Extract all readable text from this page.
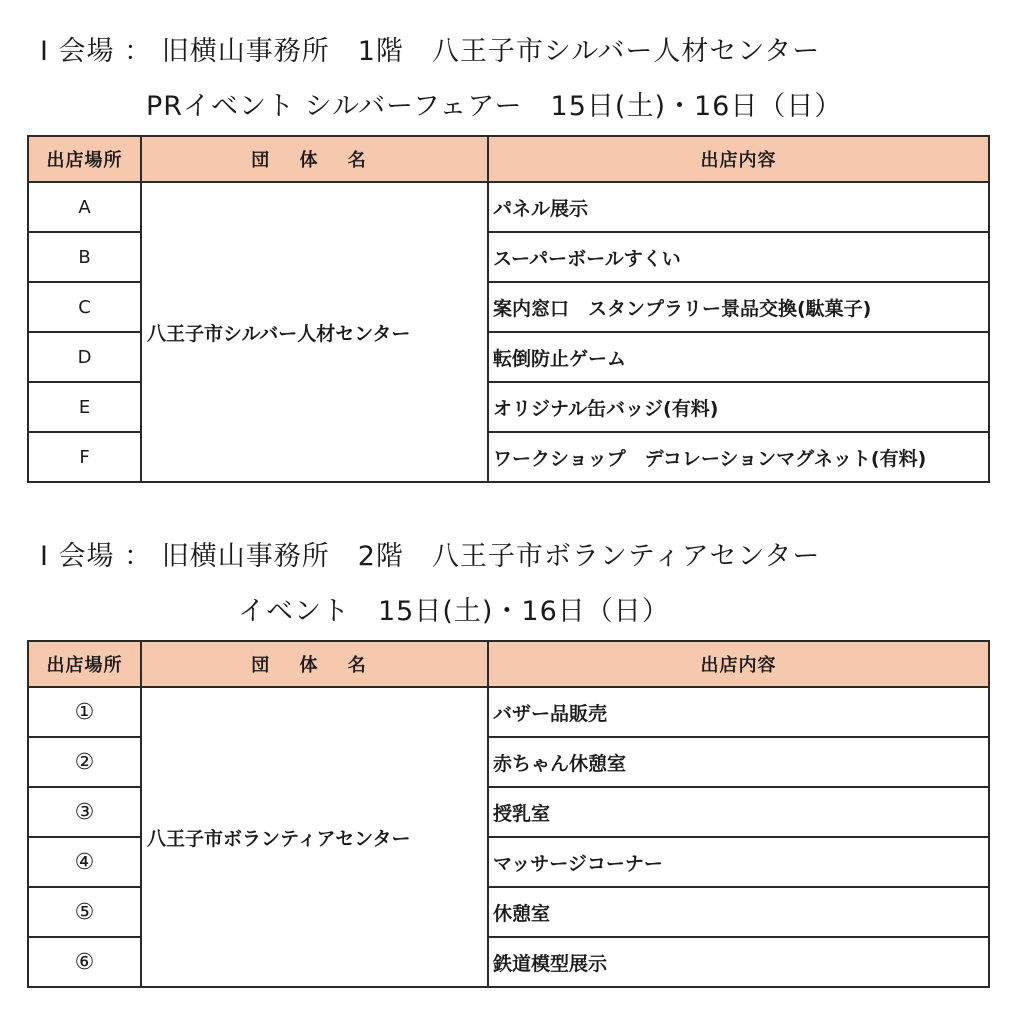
Ⅰ 会場 ： 旧横山事務所　1階　八王子市シルバー人材センター
PRイベント シルバーフェアー　15日(土)・16日（日）
出店場所	団 体 名	出店内容
A	八王子市シルバー人材センター	パネル展示
B		スーパーボールすくい
C		案内窓口　スタンプラリー景品交換(駄菓子)
D		転倒防止ゲーム
E		オリジナル缶バッジ(有料)
F		ワークショップ　デコレーションマグネット(有料)
Ⅰ 会場 ： 旧横山事務所　2階　八王子市ボランティアセンター
イベント　15日(土)・16日（日）
出店場所	団 体 名	出店内容
①	八王子市ボランティアセンター	バザー品販売
②		赤ちゃん休憩室
③		授乳室
④		マッサージコーナー
⑤		休憩室
⑥		鉄道模型展示
